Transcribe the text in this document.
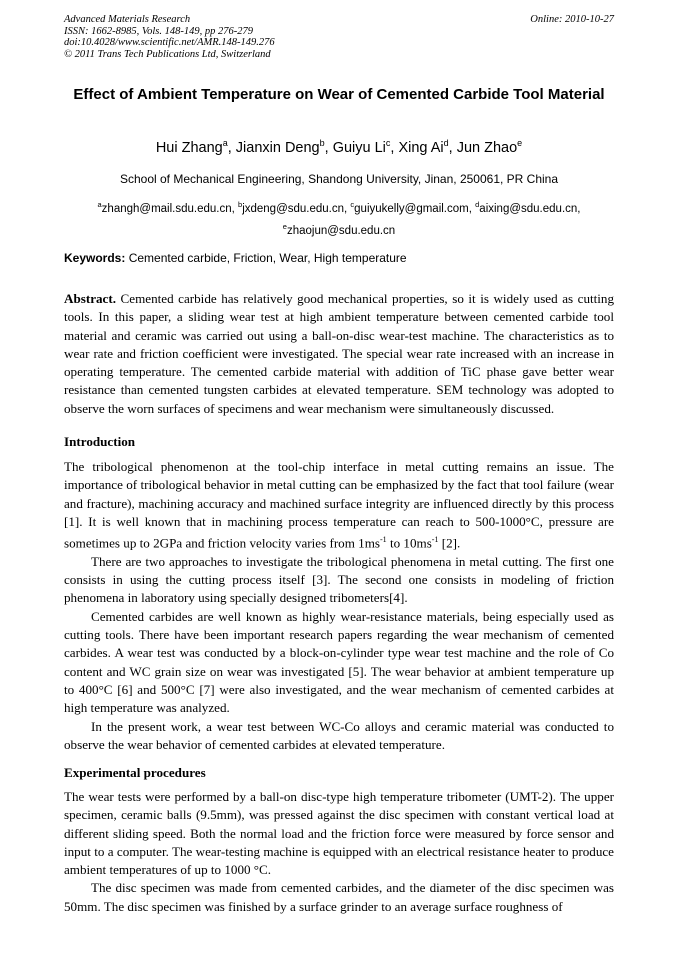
Advanced Materials Research
ISSN: 1662-8985, Vols. 148-149, pp 276-279
doi:10.4028/www.scientific.net/AMR.148-149.276
© 2011 Trans Tech Publications Ltd, Switzerland
Online: 2010-10-27
Effect of Ambient Temperature on Wear of Cemented Carbide Tool Material
Hui Zhang$^a$, Jianxin Deng$^b$, Guiyu Li$^c$, Xing Ai$^d$, Jun Zhao$^e$
School of Mechanical Engineering, Shandong University, Jinan, 250061, PR China
$^a$zhangh@mail.sdu.edu.cn, $^b$jxdeng@sdu.edu.cn, $^c$guiyukelly@gmail.com, $^d$aixing@sdu.edu.cn,
$^e$zhaojun@sdu.edu.cn
Keywords: Cemented carbide, Friction, Wear, High temperature

Abstract. Cemented carbide has relatively good mechanical properties, so it is widely used as cutting tools. In this paper, a sliding wear test at high ambient temperature between cemented carbide tool material and ceramic was carried out using a ball-on-disc wear-test machine. The characteristics as to wear rate and friction coefficient were investigated. The special wear rate increased with an increase in operating temperature. The cemented carbide material with addition of TiC phase gave better wear resistance than cemented tungsten carbides at elevated temperature. SEM technology was adopted to observe the worn surfaces of specimens and wear mechanism were simultaneously discussed.

Introduction

The tribological phenomenon at the tool-chip interface in metal cutting remains an issue. The importance of tribological behavior in metal cutting can be emphasized by the fact that tool failure (wear and fracture), machining accuracy and machined surface integrity are influenced directly by this process [1]. It is well known that in machining process temperature can reach to 500-1000°C, pressure are sometimes up to 2GPa and friction velocity varies from $1ms^{-1}$ to $10ms^{-1}$ [2].

There are two approaches to investigate the tribological phenomena in metal cutting. The first one consists in using the cutting process itself [3]. The second one consists in modeling of friction phenomena in laboratory using specially designed tribometers[4].

Cemented carbides are well known as highly wear-resistance materials, being especially used as cutting tools. There have been important research papers regarding the wear mechanism of cemented carbides. A wear test was conducted by a block-on-cylinder type wear test machine and the role of Co content and WC grain size on wear was investigated [5]. The wear behavior at ambient temperature up to 400°C [6] and 500°C [7] were also investigated, and the wear mechanism of cemented carbides at high temperature was analyzed.

In the present work, a wear test between WC-Co alloys and ceramic material was conducted to observe the wear behavior of cemented carbides at elevated temperature.

Experimental procedures

The wear tests were performed by a ball-on disc-type high temperature tribometer (UMT-2). The upper specimen, ceramic balls (9.5mm), was pressed against the disc specimen with constant vertical load at different sliding speed. Both the normal load and the friction force were measured by force sensor and input to a computer. The wear-testing machine is equipped with an electrical resistance heater to produce ambient temperatures of up to 1000 °C.

The disc specimen was made from cemented carbides, and the diameter of the disc specimen was 50mm. The disc specimen was finished by a surface grinder to an average surface roughness of
